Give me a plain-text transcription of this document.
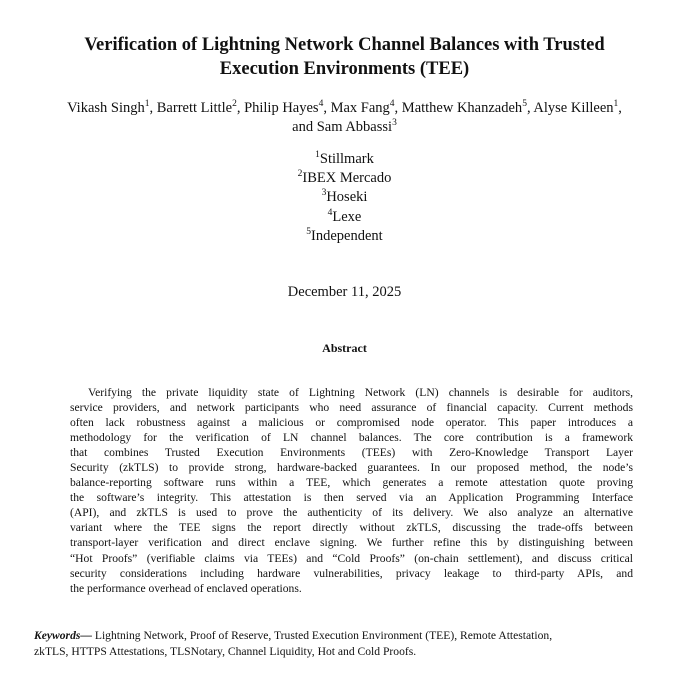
Verification of Lightning Network Channel Balances with Trusted
Execution Environments (TEE)
Vikash Singh$^1$, Barrett Little$^2$, Philip Hayes$^4$, Max Fang$^4$, Matthew Khanzadeh$^5$, Alyse Killeen$^1$,
and Sam Abbassi$^3$
$^1$Stillmark
$^2$IBEX Mercado
$^3$Hoseki
$^4$Lexe
$^5$Independent
December 11, 2025
Abstract
Verifying the private liquidity state of Lightning Network (LN) channels is desirable for auditors,
service providers, and network participants who need assurance of financial capacity. Current methods
often lack robustness against a malicious or compromised node operator. This paper introduces a
methodology for the verification of LN channel balances. The core contribution is a framework
that combines Trusted Execution Environments (TEEs) with Zero-Knowledge Transport Layer
Security (zkTLS) to provide strong, hardware-backed guarantees. In our proposed method, the node’s
balance-reporting software runs within a TEE, which generates a remote attestation quote proving
the software’s integrity. This attestation is then served via an Application Programming Interface
(API), and zkTLS is used to prove the authenticity of its delivery. We also analyze an alternative
variant where the TEE signs the report directly without zkTLS, discussing the trade-offs between
transport-layer verification and direct enclave signing. We further refine this by distinguishing between
“Hot Proofs” (verifiable claims via TEEs) and “Cold Proofs” (on-chain settlement), and discuss critical
security considerations including hardware vulnerabilities, privacy leakage to third-party APIs, and
the performance overhead of enclaved operations.
Keywords— Lightning Network, Proof of Reserve, Trusted Execution Environment (TEE), Remote Attestation,
zkTLS, HTTPS Attestations, TLSNotary, Channel Liquidity, Hot and Cold Proofs.
